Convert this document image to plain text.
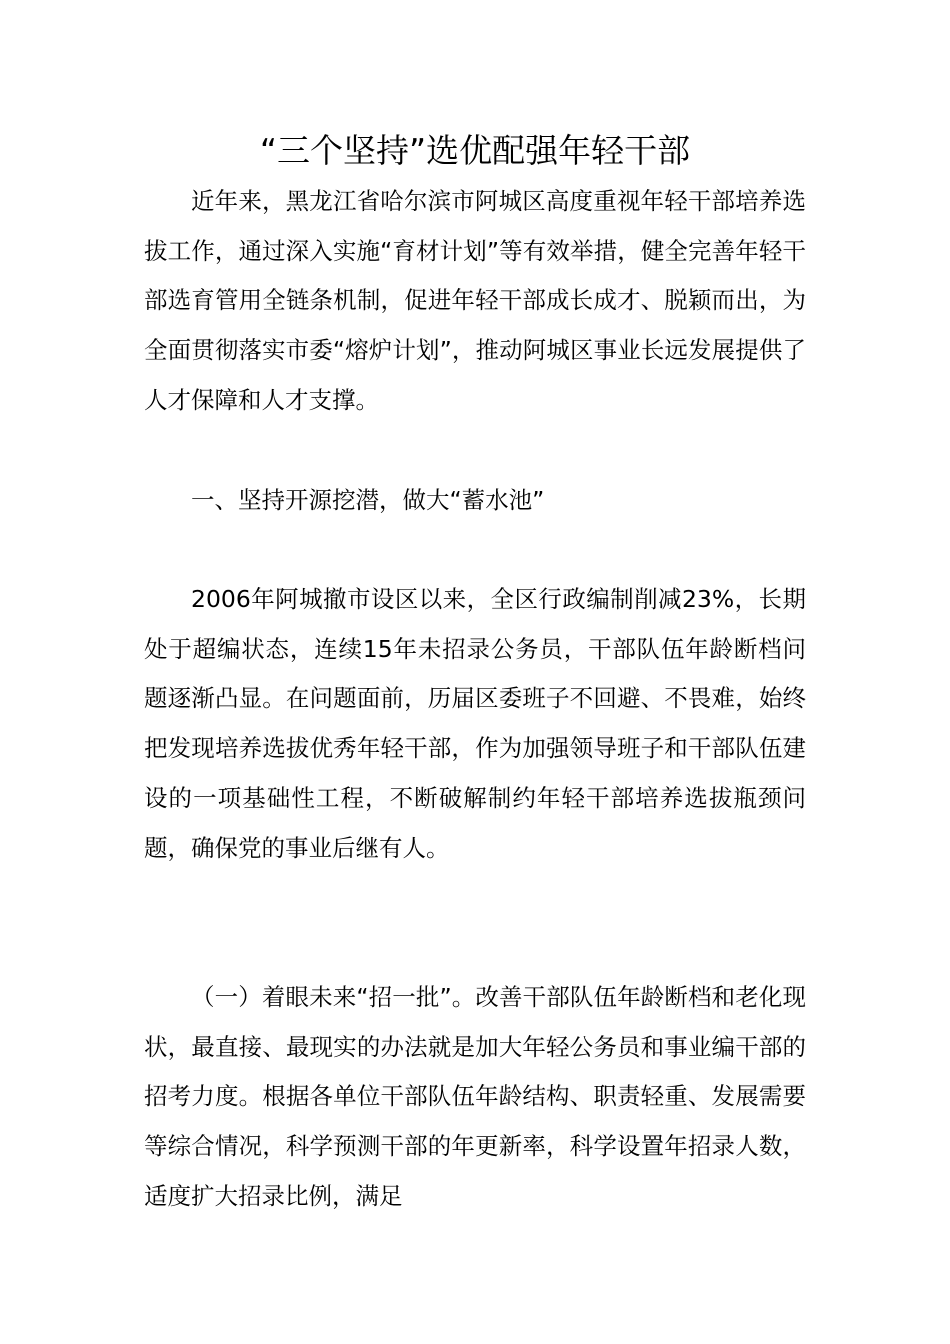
“三个坚持”选优配强年轻干部

近年来，黑龙江省哈尔滨市阿城区高度重视年轻干部培养选拔工作，通过深入实施“育材计划”等有效举措，健全完善年轻干部选育管用全链条机制，促进年轻干部成长成才、脱颖而出，为全面贯彻落实市委“熔炉计划”，推动阿城区事业长远发展提供了人才保障和人才支撑。

一、坚持开源挖潜，做大“蓄水池”

2006年阿城撤市设区以来，全区行政编制削减23%，长期处于超编状态，连续15年未招录公务员，干部队伍年龄断档问题逐渐凸显。在问题面前，历届区委班子不回避、不畏难，始终把发现培养选拔优秀年轻干部，作为加强领导班子和干部队伍建设的一项基础性工程，不断破解制约年轻干部培养选拔瓶颈问题，确保党的事业后继有人。

（一）着眼未来“招一批”。改善干部队伍年龄断档和老化现状，最直接、最现实的办法就是加大年轻公务员和事业编干部的招考力度。根据各单位干部队伍年龄结构、职责轻重、发展需要等综合情况，科学预测干部的年更新率，科学设置年招录人数，适度扩大招录比例，满足
